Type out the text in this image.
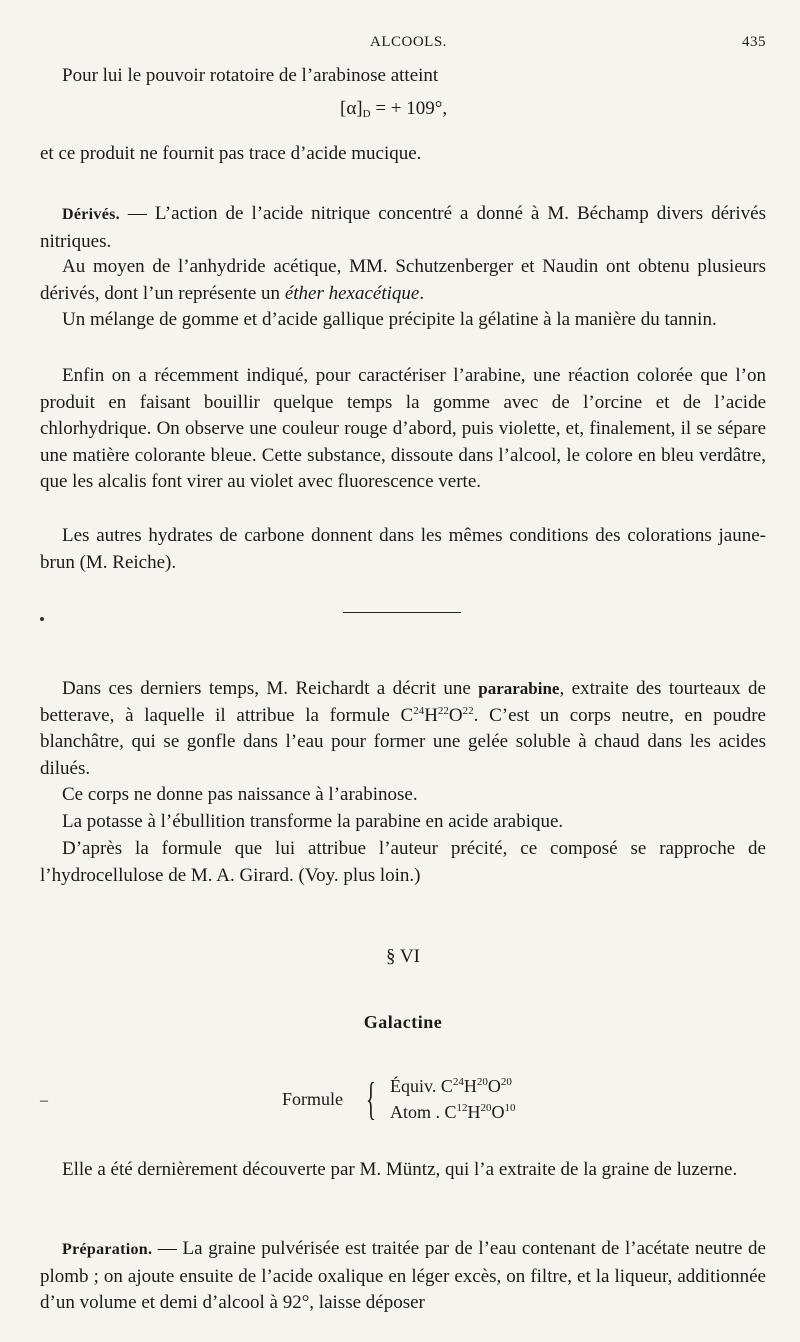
ALCOOLS.	435

Pour lui le pouvoir rotatoire de l’arabinose atteint

$[\alpha]_D$ = + 109°,

et ce produit ne fournit pas trace d’acide mucique.

Dérivés. — L’action de l’acide nitrique concentré a donné à M. Béchamp divers dérivés nitriques.

Au moyen de l’anhydride acétique, MM. Schutzenberger et Naudin ont obtenu plusieurs dérivés, dont l’un représente un éther hexacétique.

Un mélange de gomme et d’acide gallique précipite la gélatine à la manière du tannin.

Enfin on a récemment indiqué, pour caractériser l’arabine, une réaction colorée que l’on produit en faisant bouillir quelque temps la gomme avec de l’orcine et de l’acide chlorhydrique. On observe une couleur rouge d’abord, puis violette, et, finalement, il se sépare une matière colorante bleue. Cette substance, dissoute dans l’alcool, le colore en bleu verdâtre, que les alcalis font virer au violet avec fluorescence verte.

Les autres hydrates de carbone donnent dans les mêmes conditions des colorations jaune-brun (M. Reiche).

Dans ces derniers temps, M. Reichardt a décrit une pararabine, extraite des tourteaux de betterave, à laquelle il attribue la formule $C^{24}H^{22}O^{22}$. C’est un corps neutre, en poudre blanchâtre, qui se gonfle dans l’eau pour former une gelée soluble à chaud dans les acides dilués.

Ce corps ne donne pas naissance à l’arabinose.

La potasse à l’ébullition transforme la parabine en acide arabique.

D’après la formule que lui attribue l’auteur précité, ce composé se rapproche de l’hydrocellulose de M. A. Girard. (Voy. plus loin.)

§ VI
Galactine
–	Formule { Équiv. $C^{24}H^{20}O^{20}$
Atom . $C^{12}H^{20}O^{10}$

Elle a été dernièrement découverte par M. Müntz, qui l’a extraite de la graine de luzerne.

Préparation. — La graine pulvérisée est traitée par de l’eau contenant de l’acétate neutre de plomb ; on ajoute ensuite de l’acide oxalique en léger excès, on filtre, et la liqueur, additionnée d’un volume et demi d’alcool à 92°, laisse déposer
